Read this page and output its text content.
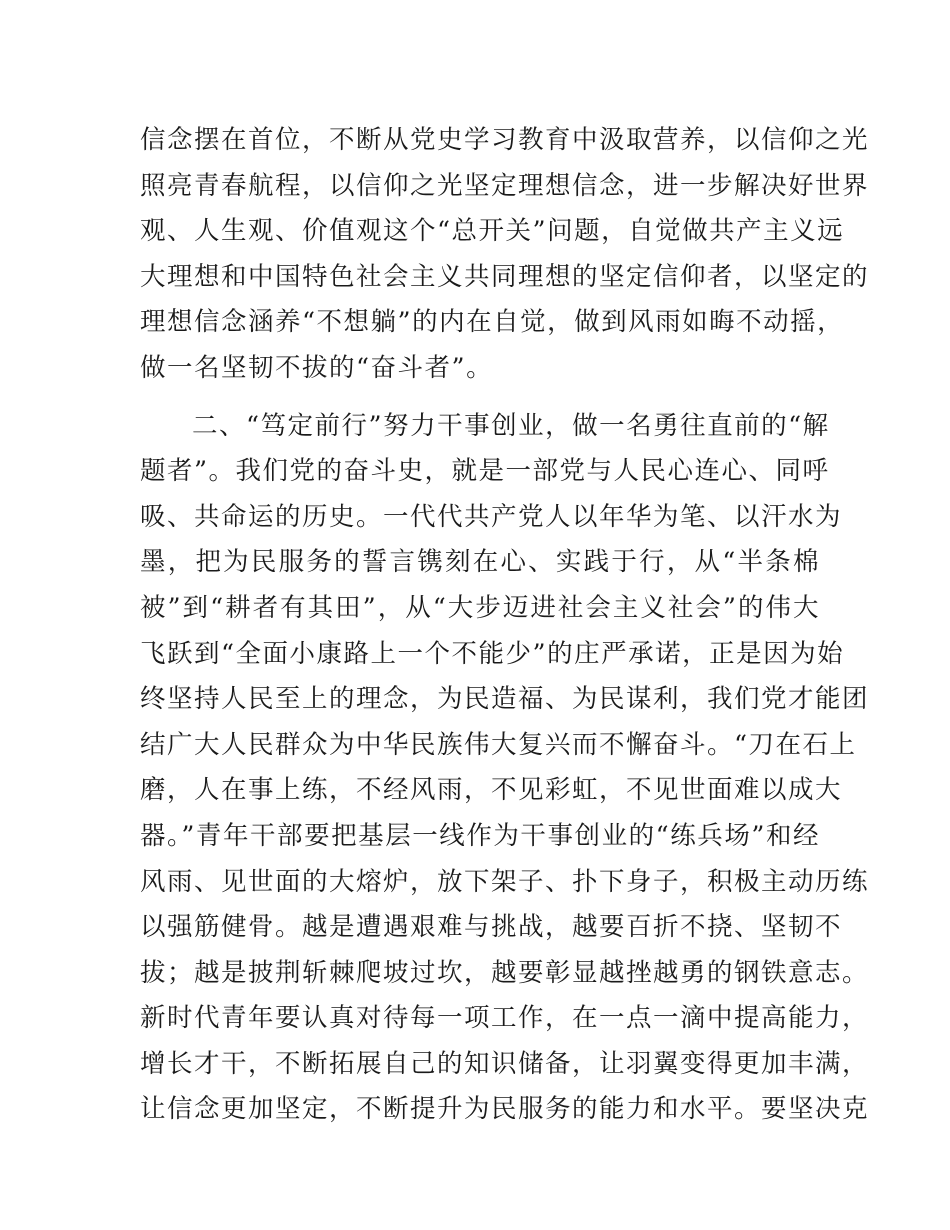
信念摆在首位，不断从党史学习教育中汲取营养，以信仰之光
照亮青春航程，以信仰之光坚定理想信念，进一步解决好世界
观、人生观、价值观这个“总开关”问题，自觉做共产主义远
大理想和中国特色社会主义共同理想的坚定信仰者，以坚定的
理想信念涵养“不想躺”的内在自觉，做到风雨如晦不动摇，
做一名坚韧不拔的“奋斗者”。
二、“笃定前行”努力干事创业，做一名勇往直前的“解
题者”。我们党的奋斗史，就是一部党与人民心连心、同呼
吸、共命运的历史。一代代共产党人以年华为笔、以汗水为
墨，把为民服务的誓言镌刻在心、实践于行，从“半条棉
被”到“耕者有其田”，从“大步迈进社会主义社会”的伟大
飞跃到“全面小康路上一个不能少”的庄严承诺，正是因为始
终坚持人民至上的理念，为民造福、为民谋利，我们党才能团
结广大人民群众为中华民族伟大复兴而不懈奋斗。“刀在石上
磨，人在事上练，不经风雨，不见彩虹，不见世面难以成大
器。”青年干部要把基层一线作为干事创业的“练兵场”和经
风雨、见世面的大熔炉，放下架子、扑下身子，积极主动历练
以强筋健骨。越是遭遇艰难与挑战，越要百折不挠、坚韧不
拔；越是披荆斩棘爬坡过坎，越要彰显越挫越勇的钢铁意志。
新时代青年要认真对待每一项工作，在一点一滴中提高能力，
增长才干，不断拓展自己的知识储备，让羽翼变得更加丰满，
让信念更加坚定，不断提升为民服务的能力和水平。要坚决克
